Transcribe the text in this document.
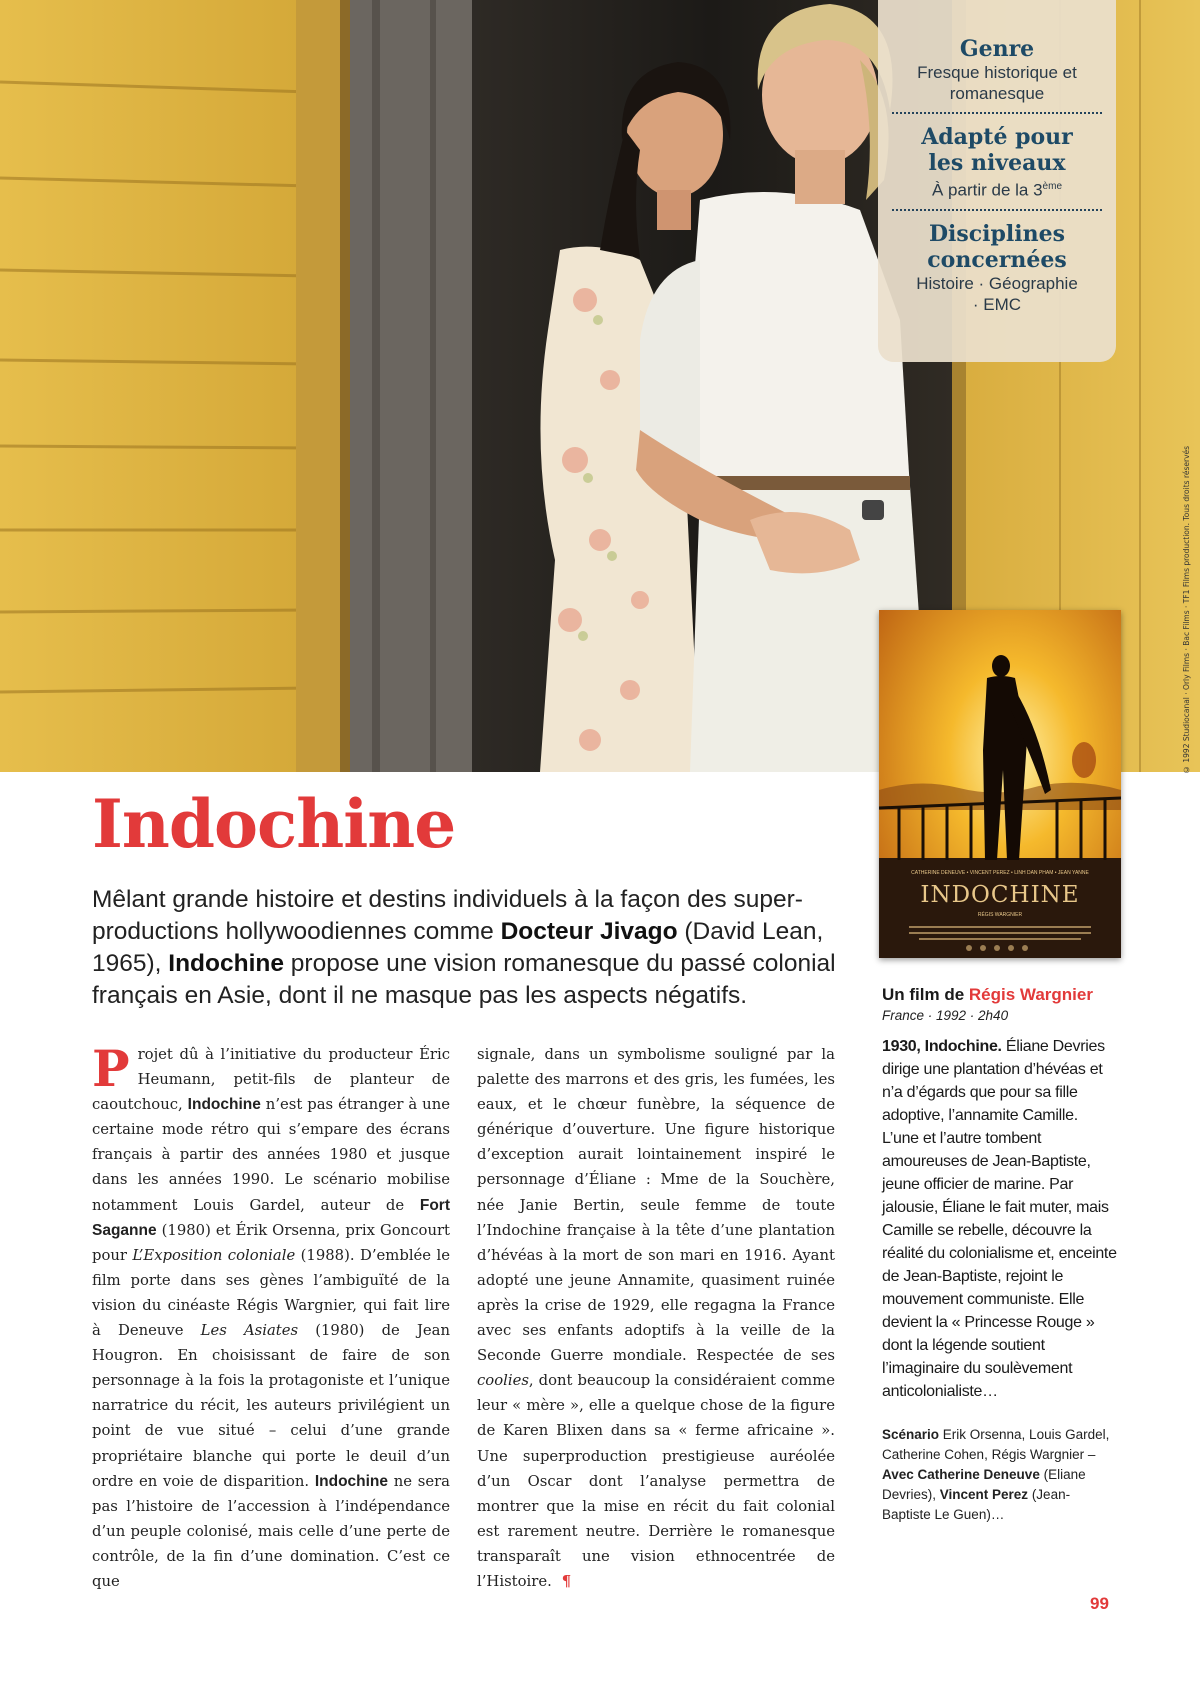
© 1992 Studiocanal · Orly Films · Bac Films · TF1 Films production. Tous droits réservés
Genre
Fresque historique et romanesque
Adapté pour
les niveaux
À partir de la 3ème
Disciplines
concernées
Histoire · Géographie
· EMC
CATHERINE DENEUVE • VINCENT PEREZ • LINH DAN PHAM • JEAN YANNE
INDOCHINE
RÉGIS WARGNIER
Indochine

Mêlant grande histoire et destins individuels à la façon des super-productions hollywoodiennes comme Docteur Jivago (David Lean, 1965), Indochine propose une vision romanesque du passé colonial français en Asie, dont il ne masque pas les aspects négatifs.

Projet dû à l’initiative du producteur Éric Heumann, petit-fils de planteur de caoutchouc, Indochine n’est pas étranger à une certaine mode rétro qui s’empare des écrans français à partir des années 1980 et jusque dans les années 1990. Le scénario mobilise notamment Louis Gardel, auteur de Fort Saganne (1980) et Érik Orsenna, prix Goncourt pour L’Exposition coloniale (1988). D’emblée le film porte dans ses gènes l’ambiguïté de la vision du cinéaste Régis Wargnier, qui fait lire à Deneuve Les Asiates (1980) de Jean Hougron. En choisissant de faire de son personnage à la fois la protagoniste et l’unique narratrice du récit, les auteurs privilégient un point de vue situé – celui d’une grande propriétaire blanche qui porte le deuil d’un ordre en voie de disparition. Indochine ne sera pas l’histoire de l’accession à l’indépendance d’un peuple colonisé, mais celle d’une perte de contrôle, de la fin d’une domination. C’est ce que
signale, dans un symbolisme souligné par la palette des marrons et des gris, les fumées, les eaux, et le chœur funèbre, la séquence de générique d’ouverture. Une figure historique d’exception aurait lointainement inspiré le personnage d’Éliane : Mme de la Souchère, née Janie Bertin, seule femme de toute l’Indochine française à la tête d’une plantation d’hévéas à la mort de son mari en 1916. Ayant adopté une jeune Annamite, quasiment ruinée après la crise de 1929, elle regagna la France avec ses enfants adoptifs à la veille de la Seconde Guerre mondiale. Respectée de ses coolies, dont beaucoup la considéraient comme leur « mère », elle a quelque chose de la figure de Karen Blixen dans sa « ferme africaine ». Une superproduction prestigieuse auréolée d’un Oscar dont l’analyse permettra de montrer que la mise en récit du fait colonial est rarement neutre. Derrière le romanesque transparaît une vision ethnocentrée de l’Histoire. ¶
Un film de Régis Wargnier
France · 1992 · 2h40

1930, Indochine. Éliane Devries dirige une plantation d’hévéas et n’a d’égards que pour sa fille adoptive, l’annamite Camille. L’une et l’autre tombent amoureuses de Jean-Baptiste, jeune officier de marine. Par jalousie, Éliane le fait muter, mais Camille se rebelle, découvre la réalité du colonialisme et, enceinte de Jean-Baptiste, rejoint le mouvement communiste. Elle devient la « Princesse Rouge » dont la légende soutient l’imaginaire du soulèvement anticolonialiste…

Scénario Erik Orsenna, Louis Gardel, Catherine Cohen, Régis Wargnier – Avec Catherine Deneuve (Eliane Devries), Vincent Perez (Jean-Baptiste Le Guen)…

99
